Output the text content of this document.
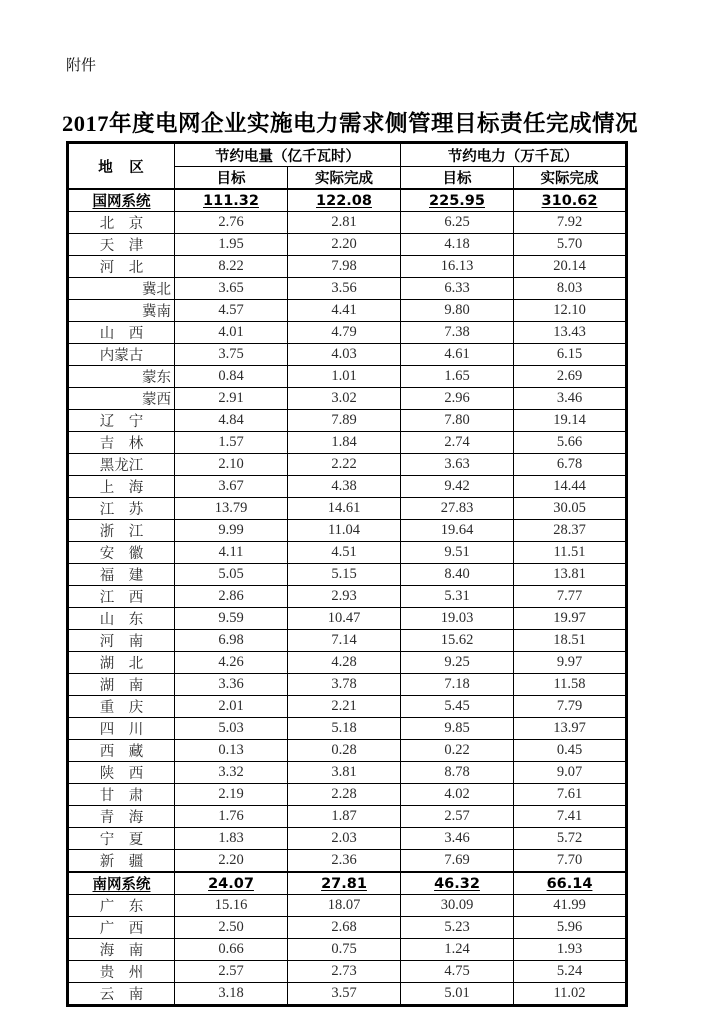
附件
2017年度电网企业实施电力需求侧管理目标责任完成情况
地　区	节约电量（亿千瓦时）		节约电力（万千瓦）	
	目标	实际完成	目标	实际完成
国网系统	111.32	122.08	225.95	310.62
北　京	2.76	2.81	6.25	7.92
天　津	1.95	2.20	4.18	5.70
河　北	8.22	7.98	16.13	20.14
冀北	3.65	3.56	6.33	8.03
冀南	4.57	4.41	9.80	12.10
山　西	4.01	4.79	7.38	13.43
内蒙古	3.75	4.03	4.61	6.15
蒙东	0.84	1.01	1.65	2.69
蒙西	2.91	3.02	2.96	3.46
辽　宁	4.84	7.89	7.80	19.14
吉　林	1.57	1.84	2.74	5.66
黑龙江	2.10	2.22	3.63	6.78
上　海	3.67	4.38	9.42	14.44
江　苏	13.79	14.61	27.83	30.05
浙　江	9.99	11.04	19.64	28.37
安　徽	4.11	4.51	9.51	11.51
福　建	5.05	5.15	8.40	13.81
江　西	2.86	2.93	5.31	7.77
山　东	9.59	10.47	19.03	19.97
河　南	6.98	7.14	15.62	18.51
湖　北	4.26	4.28	9.25	9.97
湖　南	3.36	3.78	7.18	11.58
重　庆	2.01	2.21	5.45	7.79
四　川	5.03	5.18	9.85	13.97
西　藏	0.13	0.28	0.22	0.45
陕　西	3.32	3.81	8.78	9.07
甘　肃	2.19	2.28	4.02	7.61
青　海	1.76	1.87	2.57	7.41
宁　夏	1.83	2.03	3.46	5.72
新　疆	2.20	2.36	7.69	7.70
南网系统	24.07	27.81	46.32	66.14
广　东	15.16	18.07	30.09	41.99
广　西	2.50	2.68	5.23	5.96
海　南	0.66	0.75	1.24	1.93
贵　州	2.57	2.73	4.75	5.24
云　南	3.18	3.57	5.01	11.02
